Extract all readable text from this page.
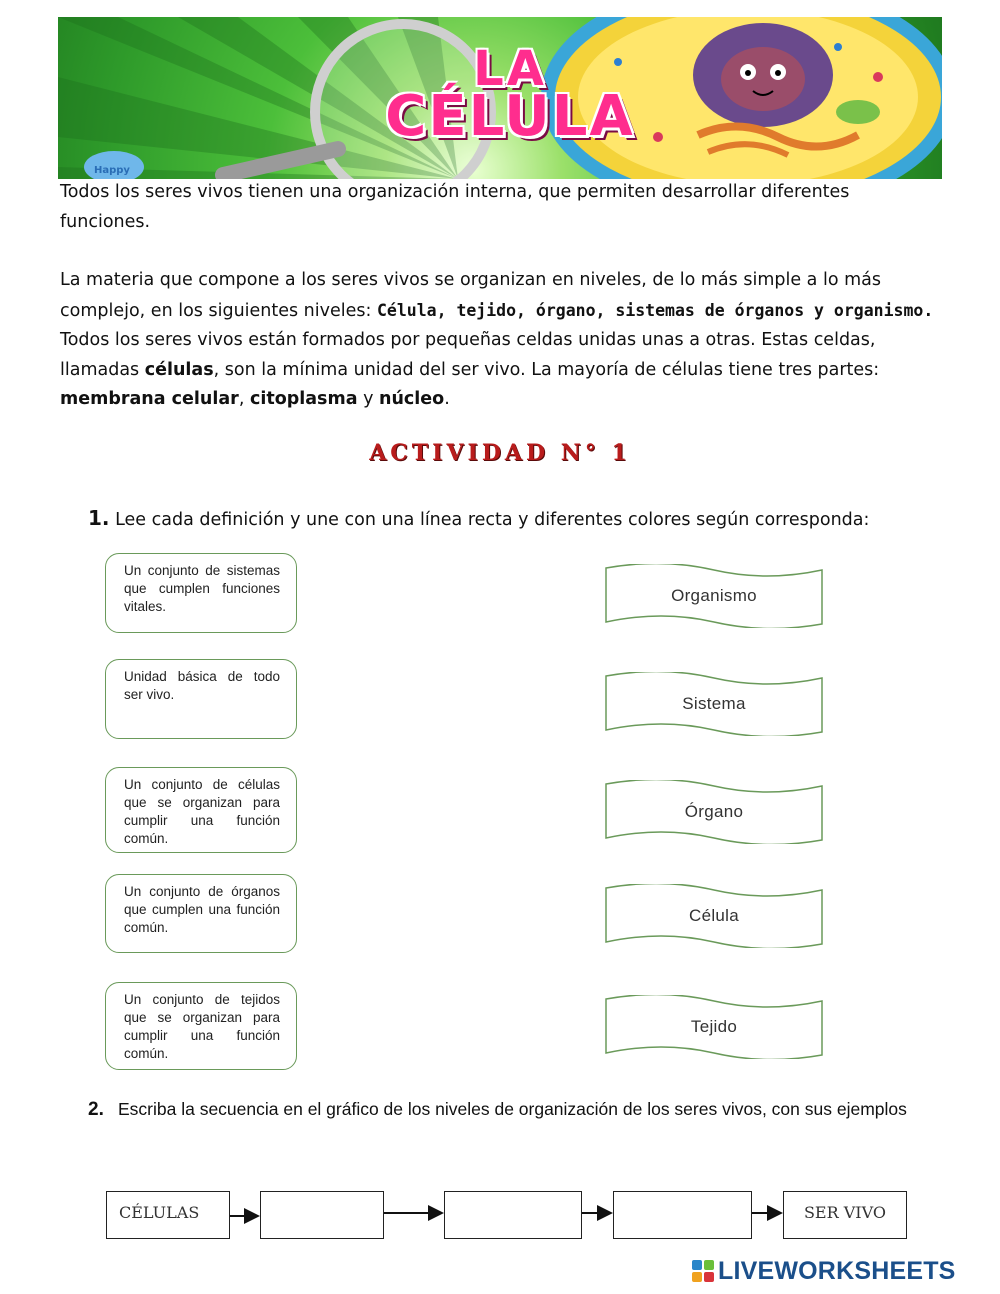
LA
CÉLULA
Happy
Todos los seres vivos tienen una organización interna, que permiten desarrollar diferentes funciones.
La materia que compone a los seres vivos se organizan en niveles, de lo más simple a lo más complejo, en los siguientes niveles: Célula, tejido, órgano, sistemas de órganos y organismo.
Todos los seres vivos están formados por pequeñas celdas unidas unas a otras. Estas celdas, llamadas células, son la mínima unidad del ser vivo. La mayoría de células tiene tres partes: membrana celular, citoplasma y núcleo.
ACTIVIDAD N° 1
1. Lee cada definición y une con una línea recta y diferentes colores según corresponda:
Un conjunto de sistemas que cumplen funciones vitales.
Unidad básica de todo ser vivo.
Un conjunto de células que se organizan para cumplir una función común.
Un conjunto de órganos que cumplen una función común.
Un conjunto de tejidos que se organizan para cumplir una función común.
Organismo
Sistema
Órgano
Célula
Tejido
2. Escriba la secuencia en el gráfico de los niveles de organización de los seres vivos, con sus ejemplos
CÉLULAS	SER VIVO
LIVEWORKSHEETS
